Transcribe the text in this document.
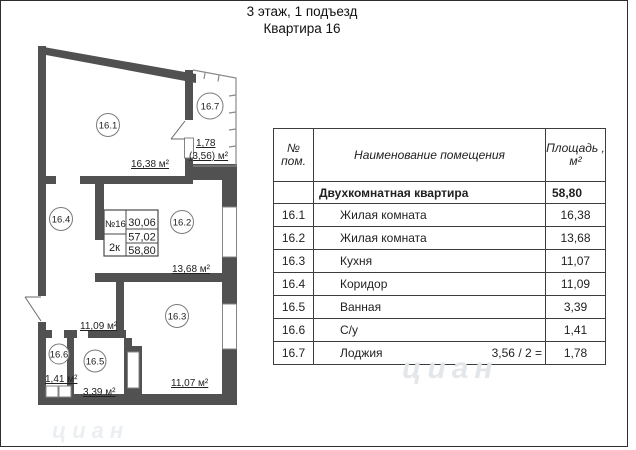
3 этаж, 1 подъезд
Квартира 16
16.1
16.2
16.3
16.4
16.5
16.6
16.7
16,38 м²
13,68 м²
11,07 м²
11,09 м²
3,39 м²
1,41 м²
1,78
(3,56) м²
№16
2к
30,06
57,02
58,80
№
пом.	Наименование помещения	Площадь ,
м²

	Двухкомнатная квартира	58,80
16.1	Жилая комната	16,38
16.2	Жилая комната	13,68
16.3	Кухня	11,07
16.4	Коридор	11,09
16.5	Ванная	3,39
16.6	С/у	1,41
16.7	Лоджия 3,56 / 2 =	1,78
циан
циан
